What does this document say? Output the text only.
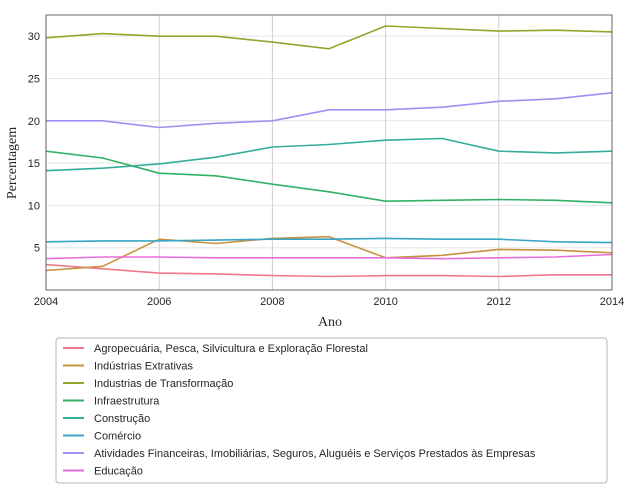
2004	2006	2008	2010	2012	2014
5
10
15
20
25
30
Ano
Percentagem
Agropecuária, Pesca, Silvicultura e Exploração Florestal
Indústrias Extrativas
Industrias de Transformação
Infraestrutura
Construção
Comércio
Atividades Financeiras, Imobiliárias, Seguros, Aluguéis e Serviços Prestados às Empresas
Educação
